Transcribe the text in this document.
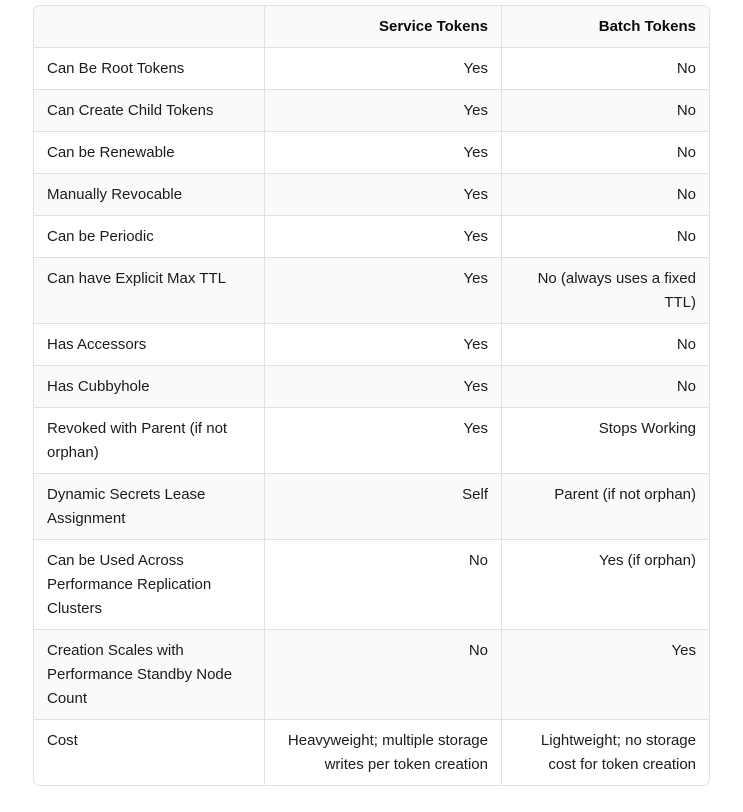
	Service Tokens	Batch Tokens
Can Be Root Tokens	Yes	No
Can Create Child Tokens	Yes	No
Can be Renewable	Yes	No
Manually Revocable	Yes	No
Can be Periodic	Yes	No
Can have Explicit Max TTL	Yes	No (always uses a fixed TTL)
Has Accessors	Yes	No
Has Cubbyhole	Yes	No
Revoked with Parent (if not orphan)	Yes	Stops Working
Dynamic Secrets Lease Assignment	Self	Parent (if not orphan)
Can be Used Across Performance Replication Clusters	No	Yes (if orphan)
Creation Scales with Performance Standby Node Count	No	Yes
Cost	Heavyweight; multiple storage writes per token creation	Lightweight; no storage cost for token creation
